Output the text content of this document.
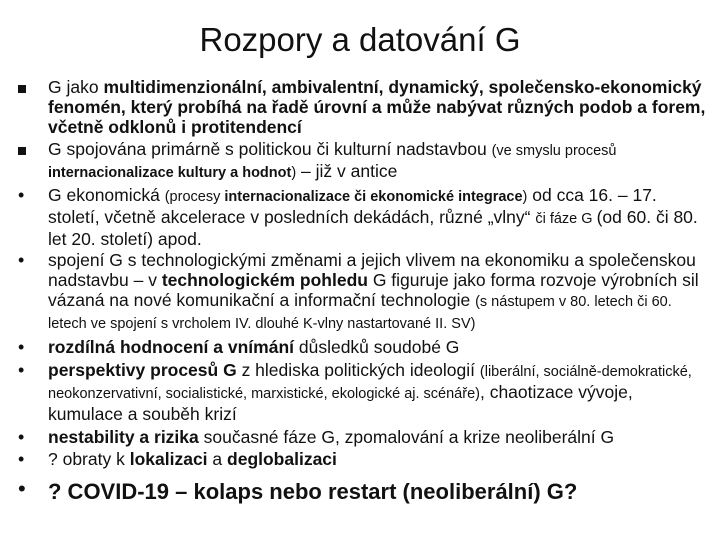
Rozpory a datování G
G jako multidimenzionální, ambivalentní, dynamický, společensko-ekonomický fenomén, který probíhá na řadě úrovní a může nabývat různých podob a forem, včetně odklonů i protitendencí
G spojována primárně s politickou či kulturní nadstavbou (ve smyslu procesů internacionalizace kultury a hodnot) – již v antice
•	G ekonomická (procesy internacionalizace či ekonomické integrace) od cca 16. – 17. století, včetně akcelerace v posledních dekádách, různé „vlny“ či fáze G (od 60. či 80. let 20. století) apod.
•	spojení G s technologickými změnami a jejich vlivem na ekonomiku a společenskou nadstavbu – v technologickém pohledu G figuruje jako forma rozvoje výrobních sil vázaná na nové komunikační a informační technologie (s nástupem v 80. letech či 60. letech ve spojení s vrcholem IV. dlouhé K-vlny nastartované II. SV)
•	rozdílná hodnocení a vnímání důsledků soudobé G
•	perspektivy procesů G z hlediska politických ideologií (liberální, sociálně-demokratické, neokonzervativní, socialistické, marxistické, ekologické aj. scénáře), chaotizace vývoje, kumulace a souběh krizí
•	nestability a rizika současné fáze G, zpomalování a krize neoliberální G
•	? obraty k lokalizaci a deglobalizaci
•	? COVID-19 – kolaps nebo restart (neoliberální) G?
